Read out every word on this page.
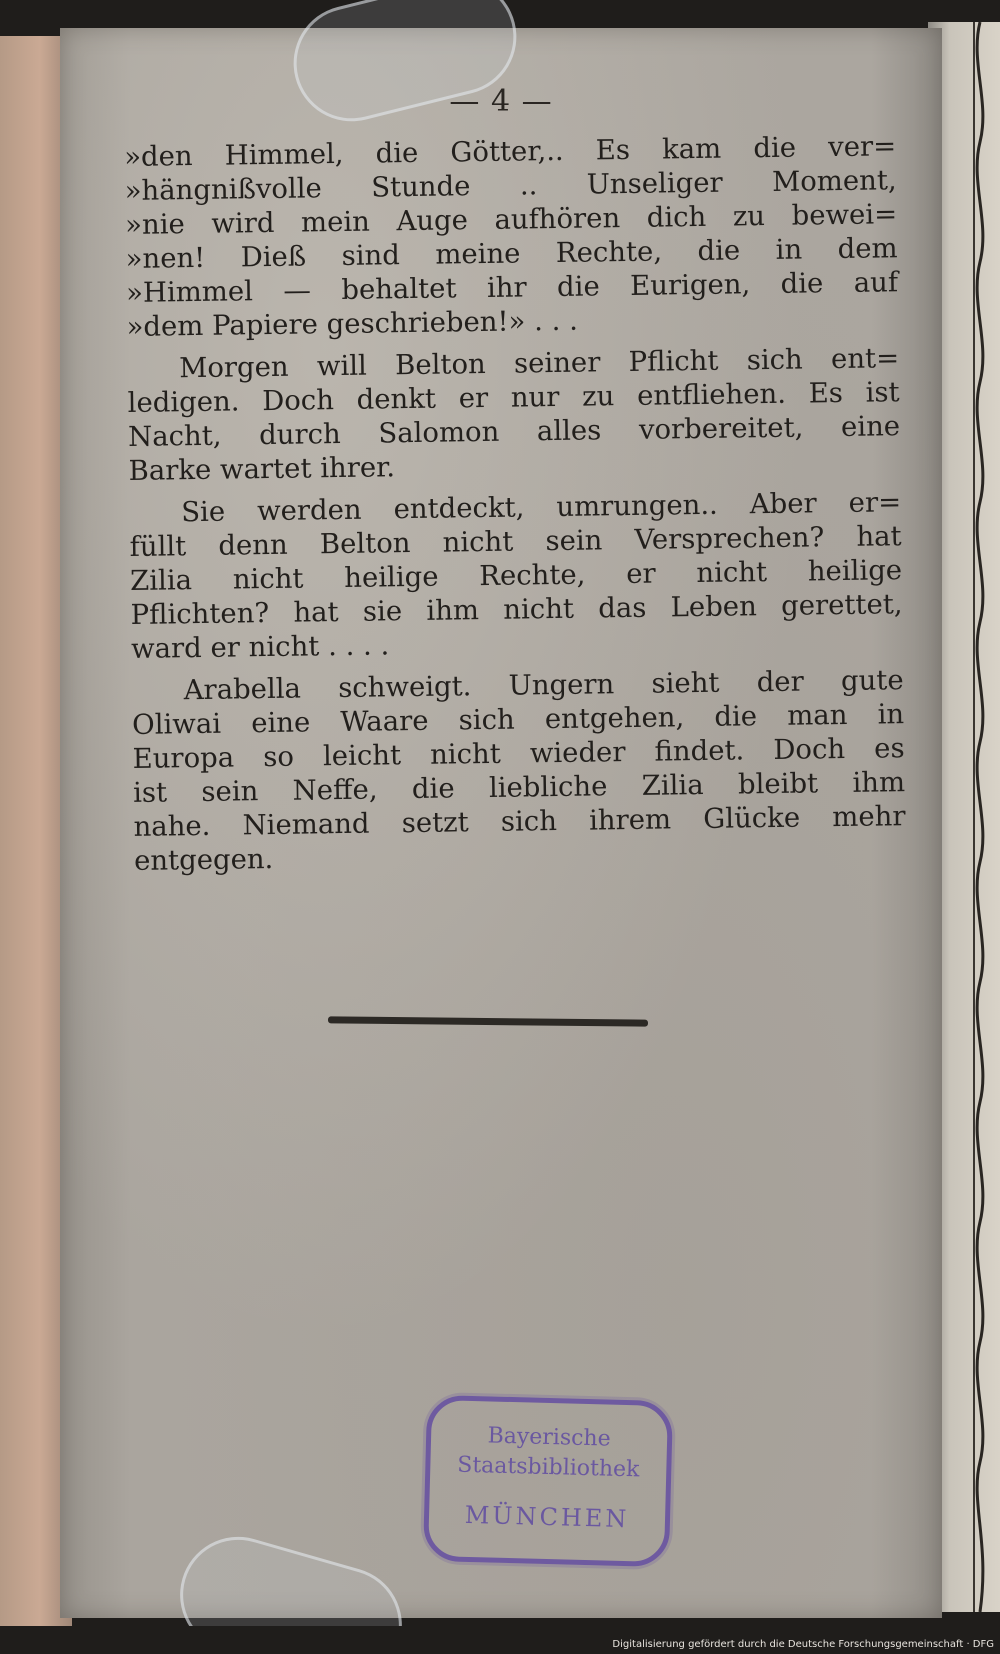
— 4 —
»den Himmel, die Götter,.. Es kam die ver=
»hängnißvolle Stunde .. Unseliger Moment,
»nie wird mein Auge aufhören dich zu bewei=
»nen! Dieß sind meine Rechte, die in dem
»Himmel — behaltet ihr die Eurigen, die auf
»dem Papiere geschrieben!» . . .
Morgen will Belton seiner Pflicht sich ent=
ledigen. Doch denkt er nur zu entfliehen. Es ist
Nacht, durch Salomon alles vorbereitet, eine
Barke wartet ihrer.
Sie werden entdeckt, umrungen.. Aber er=
füllt denn Belton nicht sein Versprechen? hat
Zilia nicht heilige Rechte, er nicht heilige
Pflichten? hat sie ihm nicht das Leben gerettet,
ward er nicht . . . .
Arabella schweigt. Ungern sieht der gute
Oliwai eine Waare sich entgehen, die man in
Europa so leicht nicht wieder findet. Doch es
ist sein Neffe, die liebliche Zilia bleibt ihm
nahe. Niemand setzt sich ihrem Glücke mehr
entgegen.
Bayerische
Staatsbibliothek
MÜNCHEN
Digitalisierung gefördert durch die Deutsche Forschungsgemeinschaft · DFG
